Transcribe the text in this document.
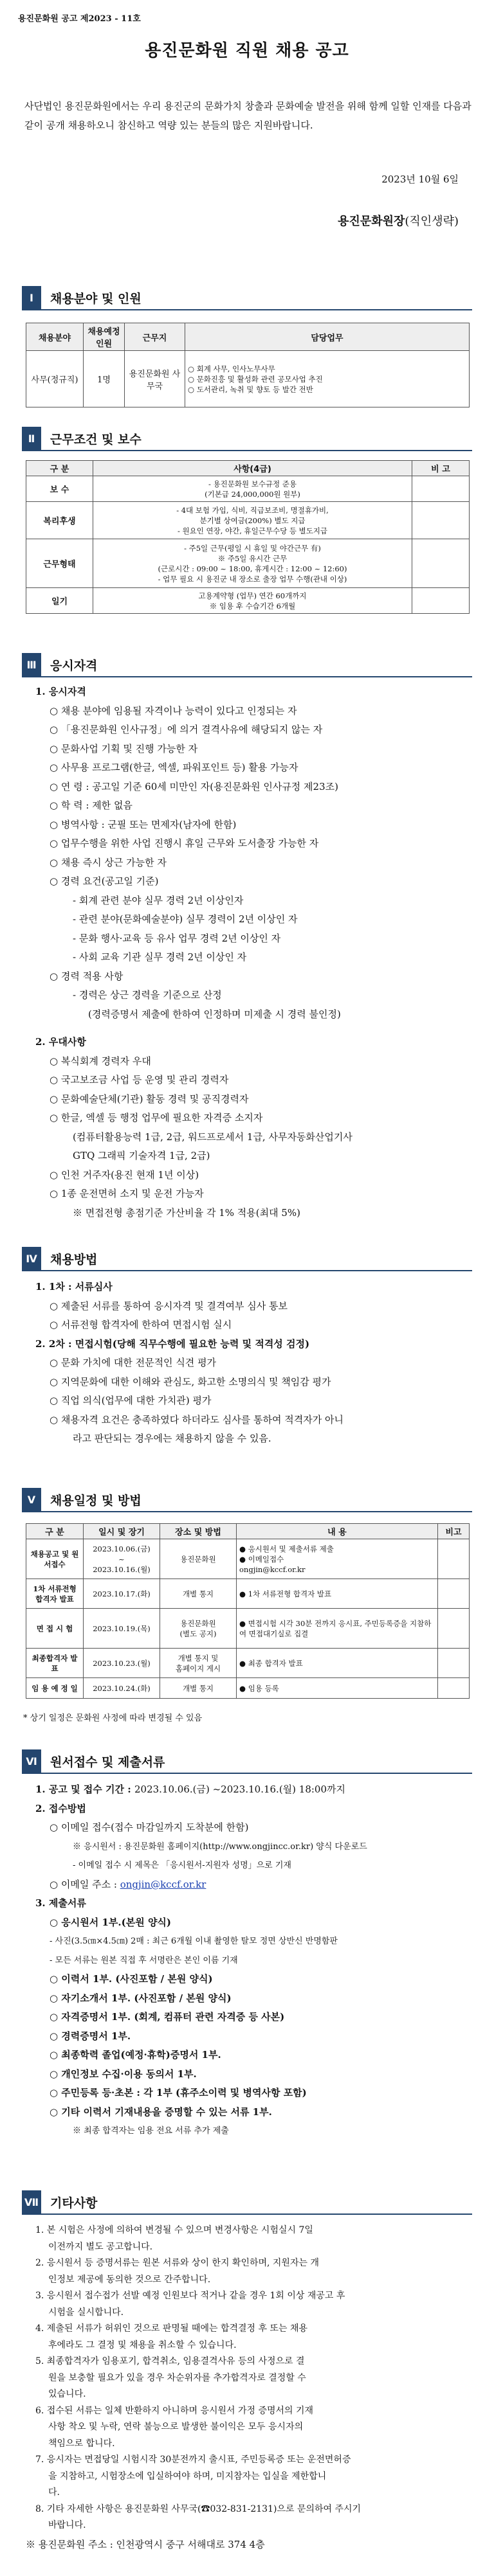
용진문화원 공고 제2023 - 11호
용진문화원 직원 채용 공고
사단법인 용진문화원에서는 우리 용진군의 문화가치 창출과 문화예술 발전을 위해 함께 일할 인재를 다음과 같이 공개 채용하오니 참신하고 역량 있는 분들의 많은 지원바랍니다.
2023년 10월 6일
용진문화원장(직인생략)
Ⅰ	채용분야 및 인원
채용분야	채용예정 인원	근무지	담당업무
사무(정규직)	1명	용진문화원 사무국	○ 회계 사무, 인사노무사무
○ 문화진흥 및 활성화 관련 공모사업 추진
○ 도서관리, 녹취 및 향토 등 발간 전반
Ⅱ	근무조건 및 보수
구 분	사항(4급)	비 고
보 수	- 용진문화원 보수규정 준용
(기본급 24,000,000원 원부)	

복리후생	- 4대 보험 가입, 식비, 직급보조비, 명절휴가비,
분기별 상여금(200%) 별도 지급
- 원요인 연장, 야간, 휴일근무수당 등 별도지급	

근무형태	- 주5일 근무(평일 시 휴일 및 야간근무 有)
※ 주5일 유시간 근무
(근로시간 : 09:00 ~ 18:00, 휴게시간 : 12:00 ~ 12:60)
- 업무 필요 시 용진군 내 장소로 출장 업무 수행(관내 이상)	

일기	고용계약형 (업무) 연간 60개까지
※ 임용 후 수습기간 6개월	

Ⅲ	응시자격
1. 응시자격
○ 채용 분야에 임용될 자격이나 능력이 있다고 인정되는 자
○ 「용진문화원 인사규정」에 의거 결격사유에 해당되지 않는 자
○ 문화사업 기획 및 진행 가능한 자
○ 사무용 프로그램(한글, 엑셀, 파워포인트 등) 활용 가능자
○ 연 령 : 공고일 기준 60세 미만인 자(용진문화원 인사규정 제23조)
○ 학 력 : 제한 없음
○ 병역사항 : 군필 또는 면제자(남자에 한함)
○ 업무수행을 위한 사업 진행시 휴일 근무와 도서출장 가능한 자
○ 채용 즉시 상근 가능한 자
○ 경력 요건(공고일 기준)
- 회계 관련 분야 실무 경력 2년 이상인자
- 관련 분야(문화예술분야) 실무 경력이 2년 이상인 자
- 문화 행사·교육 등 유사 업무 경력 2년 이상인 자
- 사회 교육 기관 실무 경력 2년 이상인 자
○ 경력 적용 사항
- 경력은 상근 경력을 기준으로 산정
(경력증명서 제출에 한하여 인정하며 미제출 시 경력 불인정)
2. 우대사항
○ 복식회계 경력자 우대
○ 국고보조금 사업 등 운영 및 관리 경력자
○ 문화예술단체(기관) 활동 경력 및 공직경력자
○ 한글, 엑셀 등 행정 업무에 필요한 자격증 소지자
(컴퓨터활용능력 1급, 2급, 워드프로세서 1급, 사무자동화산업기사
GTQ 그래픽 기술자격 1급, 2급)
○ 인천 거주자(용진 현재 1년 이상)
○ 1종 운전면허 소지 및 운전 가능자
※ 면접전형 총점기준 가산비율 각 1% 적용(최대 5%)
Ⅳ	채용방법
1. 1차 : 서류심사
○ 제출된 서류를 통하여 응시자격 및 결격여부 심사 통보
○ 서류전형 합격자에 한하여 면접시험 실시
2. 2차 : 면접시험(당해 직무수행에 필요한 능력 및 적격성 검정)
○ 문화 가치에 대한 전문적인 식견 평가
○ 지역문화에 대한 이해와 관심도, 화고한 소명의식 및 책임감 평가
○ 직업 의식(업무에 대한 가치관) 평가
○ 채용자격 요건은 충족하였다 하더라도 심사를 통하여 적격자가 아니
라고 판단되는 경우에는 채용하지 않을 수 있음.
Ⅴ	채용일정 및 방법
구 분	일시 및 장기	장소 및 방법	내 용	비고
채용공고 및 원서접수	2023.10.06.(금)
~
2023.10.16.(월)	용진문화원	● 응시원서 및 제출서류 제출
● 이메일접수
ongjin@kccf.or.kr	
1차 서류전형 합격자 발표	2023.10.17.(화)	개별 통지	● 1차 서류전형 합격자 발표	
면 접 시 험	2023.10.19.(목)	용진문화원
(별도 공지)	● 면접시험 시각 30분 전까지 응시표, 주민등록증을 지참하여 면접대기실로 집결	
최종합격자 발표	2023.10.23.(월)	개별 통지 및
홈페이지 게시	● 최종 합격자 발표	
임 용 예 정 일	2023.10.24.(화)	개별 통지	● 임용 등록	
* 상기 일정은 문화원 사정에 따라 변경될 수 있음
Ⅵ	원서접수 및 제출서류
1. 공고 및 접수 기간 : 2023.10.06.(금) ~2023.10.16.(월) 18:00까지
2. 접수방법
○ 이메일 접수(접수 마감일까지 도착분에 한함)
※ 응시원서 : 용진문화원 홈페이지(http://www.ongjincc.or.kr) 양식 다운로드
- 이메일 접수 시 제목은 「응시원서-지원자 성명」으로 기재
○ 이메일 주소 : ongjin@kccf.or.kr
3. 제출서류
○ 응시원서 1부.(본원 양식)
- 사진(3.5㎝×4.5㎝) 2매 : 최근 6개월 이내 촬영한 탈모 정면 상반신 반명함판
- 모든 서류는 원본 직접 후 서명란은 본인 이름 기재
○ 이력서 1부. (사진포함 / 본원 양식)
○ 자기소개서 1부. (사진포함 / 본원 양식)
○ 자격증명서 1부. (회계, 컴퓨터 관련 자격증 등 사본)
○ 경력증명서 1부.
○ 최종학력 졸업(예정·휴학)증명서 1부.
○ 개인정보 수집·이용 동의서 1부.
○ 주민등록 등·초본 : 각 1부 (휴주소이력 및 병역사항 포함)
○ 기타 이력서 기재내용을 증명할 수 있는 서류 1부.
※ 최종 합격자는 임용 전요 서류 추가 제출
Ⅶ 기타사항
1. 본 시험은 사정에 의하여 변경될 수 있으며 변경사항은 시험실시 7일
이전까지 별도 공고합니다.
2. 응시원서 등 증명서류는 원본 서류와 상이 한지 확인하며, 지원자는 개
인정보 제공에 동의한 것으로 간주합니다.
3. 응시원서 접수접가 선발 예정 인원보다 적거나 같을 경우 1회 이상 재공고 후
시험을 실시합니다.
4. 제출된 서류가 허위인 것으로 판명될 때에는 합격결정 후 또는 채용
후에라도 그 결정 및 채용을 취소할 수 있습니다.
5. 최종합격자가 임용포기, 합격취소, 임용결격사유 등의 사정으로 결
원을 보충할 필요가 있을 경우 차순위자를 추가합격자로 결정할 수
있습니다.
6. 접수된 서류는 일체 반환하지 아니하며 응시원서 가정 증명서의 기재
사항 착오 및 누락, 연락 불능으로 발생한 불이익은 모두 응시자의
책임으로 합니다.
7. 응시자는 면접당일 시험시작 30분전까지 출시표, 주민등록증 또는 운전면허증
을 지참하고, 시험장소에 입실하여야 하며, 미지참자는 입실을 제한합니
다.
8. 기타 자세한 사항은 용진문화원 사무국(☎032-831-2131)으로 문의하여 주시기
바랍니다.
※ 용진문화원 주소 : 인천광역시 중구 서해대로 374 4층
